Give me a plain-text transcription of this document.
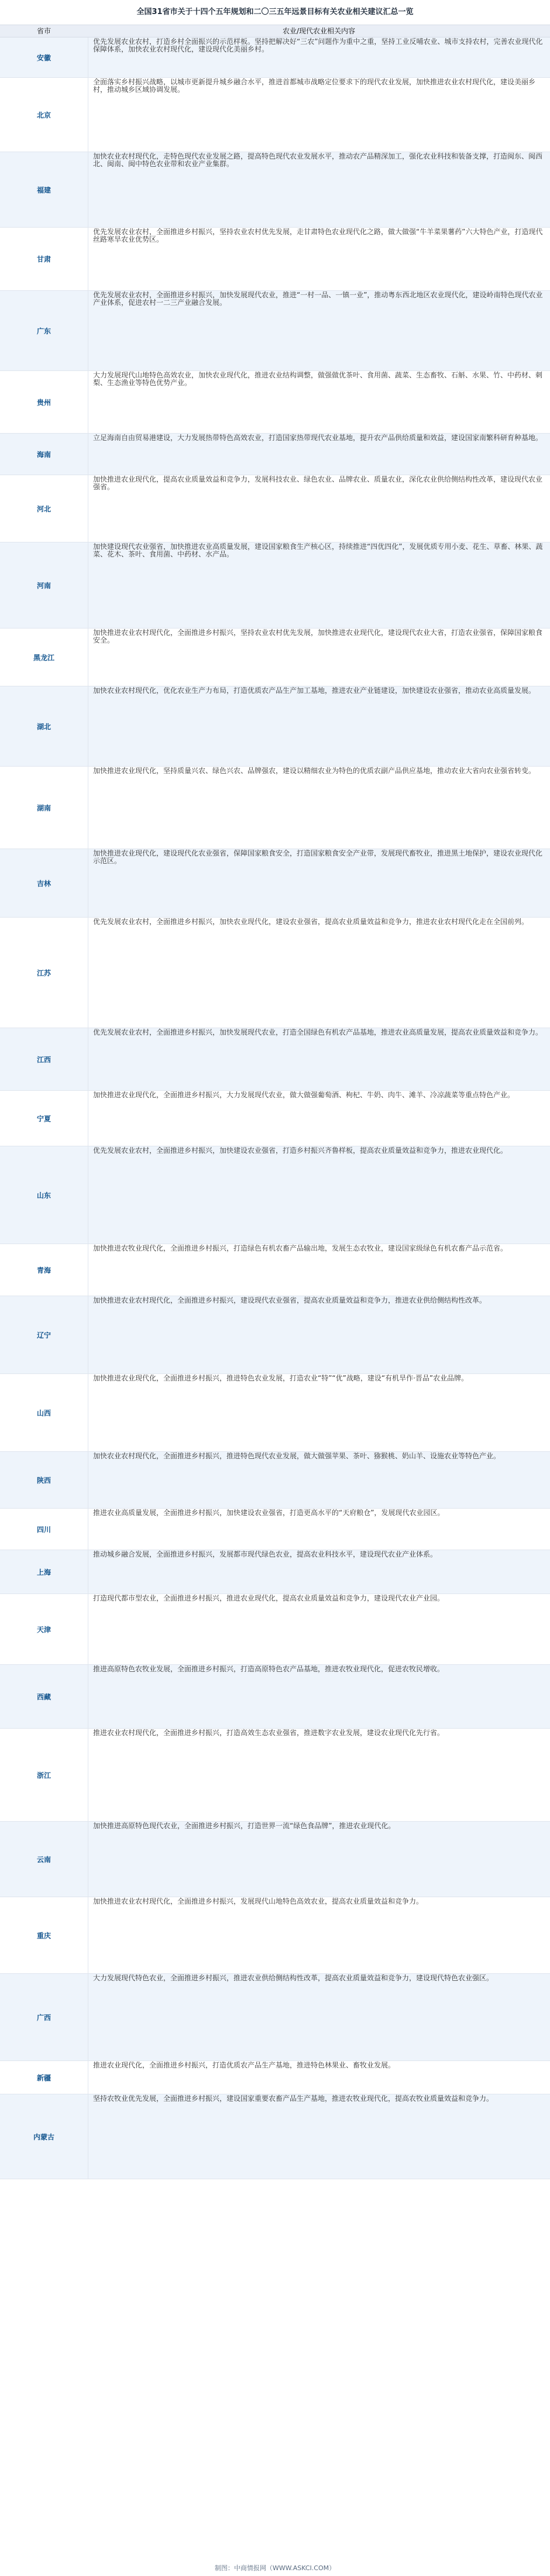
全国31省市关于十四个五年规划和二〇三五年远景目标有关农业相关建议汇总一览
省市	农业/现代农业相关内容
安徽
优先发展农业农村，打造乡村全面振兴的示范样板。坚持把解决好“三农”问题作为重中之重，坚持工业反哺农业、城市支持农村，完善农业现代化保障体系，加快农业农村现代化，建设现代化美丽乡村。
北京
全面落实乡村振兴战略，以城市更新提升城乡融合水平，推进首都城市战略定位要求下的现代农业发展，加快推进农业农村现代化，建设美丽乡村，推动城乡区域协调发展。
福建
加快农业农村现代化，走特色现代农业发展之路，提高特色现代农业发展水平，推动农产品精深加工，强化农业科技和装备支撑，打造闽东、闽西北、闽南、闽中特色农业带和农业产业集群。
甘肃
优先发展农业农村，全面推进乡村振兴，坚持农业农村优先发展，走甘肃特色农业现代化之路，做大做强“牛羊菜果薯药”六大特色产业，打造现代丝路寒旱农业优势区。
广东
优先发展农业农村，全面推进乡村振兴，加快发展现代农业，推进“一村一品、一镇一业”，推动粤东西北地区农业现代化，建设岭南特色现代农业产业体系，促进农村一二三产业融合发展。
贵州
大力发展现代山地特色高效农业，加快农业现代化，推进农业结构调整，做强做优茶叶、食用菌、蔬菜、生态畜牧、石斛、水果、竹、中药材、刺梨、生态渔业等特色优势产业。
海南
立足海南自由贸易港建设，大力发展热带特色高效农业，打造国家热带现代农业基地，提升农产品供给质量和效益，建设国家南繁科研育种基地。
河北
加快推进农业现代化，提高农业质量效益和竞争力，发展科技农业、绿色农业、品牌农业、质量农业，深化农业供给侧结构性改革，建设现代农业强省。
河南
加快建设现代农业强省，加快推进农业高质量发展，建设国家粮食生产核心区，持续推进“四优四化”，发展优质专用小麦、花生、草畜、林果、蔬菜、花木、茶叶、食用菌、中药材、水产品。
黑龙江
加快推进农业农村现代化，全面推进乡村振兴，坚持农业农村优先发展，加快推进农业现代化，建设现代农业大省，打造农业强省，保障国家粮食安全。
湖北
加快农业农村现代化，优化农业生产力布局，打造优质农产品生产加工基地，推进农业产业链建设，加快建设农业强省，推动农业高质量发展。
湖南
加快推进农业现代化，坚持质量兴农、绿色兴农、品牌强农，建设以精细农业为特色的优质农副产品供应基地，推动农业大省向农业强省转变。
吉林
加快推进农业现代化，建设现代化农业强省，保障国家粮食安全，打造国家粮食安全产业带，发展现代畜牧业，推进黑土地保护，建设农业现代化示范区。
江苏
优先发展农业农村，全面推进乡村振兴，加快农业现代化，建设农业强省，提高农业质量效益和竞争力，推进农业农村现代化走在全国前列。
江西
优先发展农业农村，全面推进乡村振兴，加快发展现代农业，打造全国绿色有机农产品基地，推进农业高质量发展，提高农业质量效益和竞争力。
宁夏
加快推进农业现代化，全面推进乡村振兴，大力发展现代农业，做大做强葡萄酒、枸杞、牛奶、肉牛、滩羊、冷凉蔬菜等重点特色产业。
山东
优先发展农业农村，全面推进乡村振兴，加快建设农业强省，打造乡村振兴齐鲁样板，提高农业质量效益和竞争力，推进农业现代化。
青海
加快推进农牧业现代化，全面推进乡村振兴，打造绿色有机农畜产品输出地，发展生态农牧业，建设国家级绿色有机农畜产品示范省。
辽宁
加快推进农业农村现代化，全面推进乡村振兴，建设现代农业强省，提高农业质量效益和竞争力，推进农业供给侧结构性改革。
山西
加快推进农业现代化，全面推进乡村振兴，推进特色农业发展，打造农业“特”“优”战略，建设“有机旱作·晋品”农业品牌。
陕西
加快农业农村现代化，全面推进乡村振兴，推进特色现代农业发展，做大做强苹果、茶叶、猕猴桃、奶山羊、设施农业等特色产业。
四川
推进农业高质量发展，全面推进乡村振兴，加快建设农业强省，打造更高水平的“天府粮仓”，发展现代农业园区。
上海
推动城乡融合发展，全面推进乡村振兴，发展都市现代绿色农业，提高农业科技水平，建设现代农业产业体系。
天津
打造现代都市型农业，全面推进乡村振兴，推进农业现代化，提高农业质量效益和竞争力，建设现代农业产业园。
西藏
推进高原特色农牧业发展，全面推进乡村振兴，打造高原特色农产品基地，推进农牧业现代化，促进农牧民增收。
浙江
推进农业农村现代化，全面推进乡村振兴，打造高效生态农业强省，推进数字农业发展，建设农业现代化先行省。
云南
加快推进高原特色现代农业，全面推进乡村振兴，打造世界一流“绿色食品牌”，推进农业现代化。
重庆
加快推进农业农村现代化，全面推进乡村振兴，发展现代山地特色高效农业，提高农业质量效益和竞争力。
广西
大力发展现代特色农业，全面推进乡村振兴，推进农业供给侧结构性改革，提高农业质量效益和竞争力，建设现代特色农业强区。
新疆
推进农业现代化，全面推进乡村振兴，打造优质农产品生产基地，推进特色林果业、畜牧业发展。
内蒙古
坚持农牧业优先发展，全面推进乡村振兴，建设国家重要农畜产品生产基地，推进农牧业现代化，提高农牧业质量效益和竞争力。
制图：中商情报网（WWW.ASKCI.COM）
